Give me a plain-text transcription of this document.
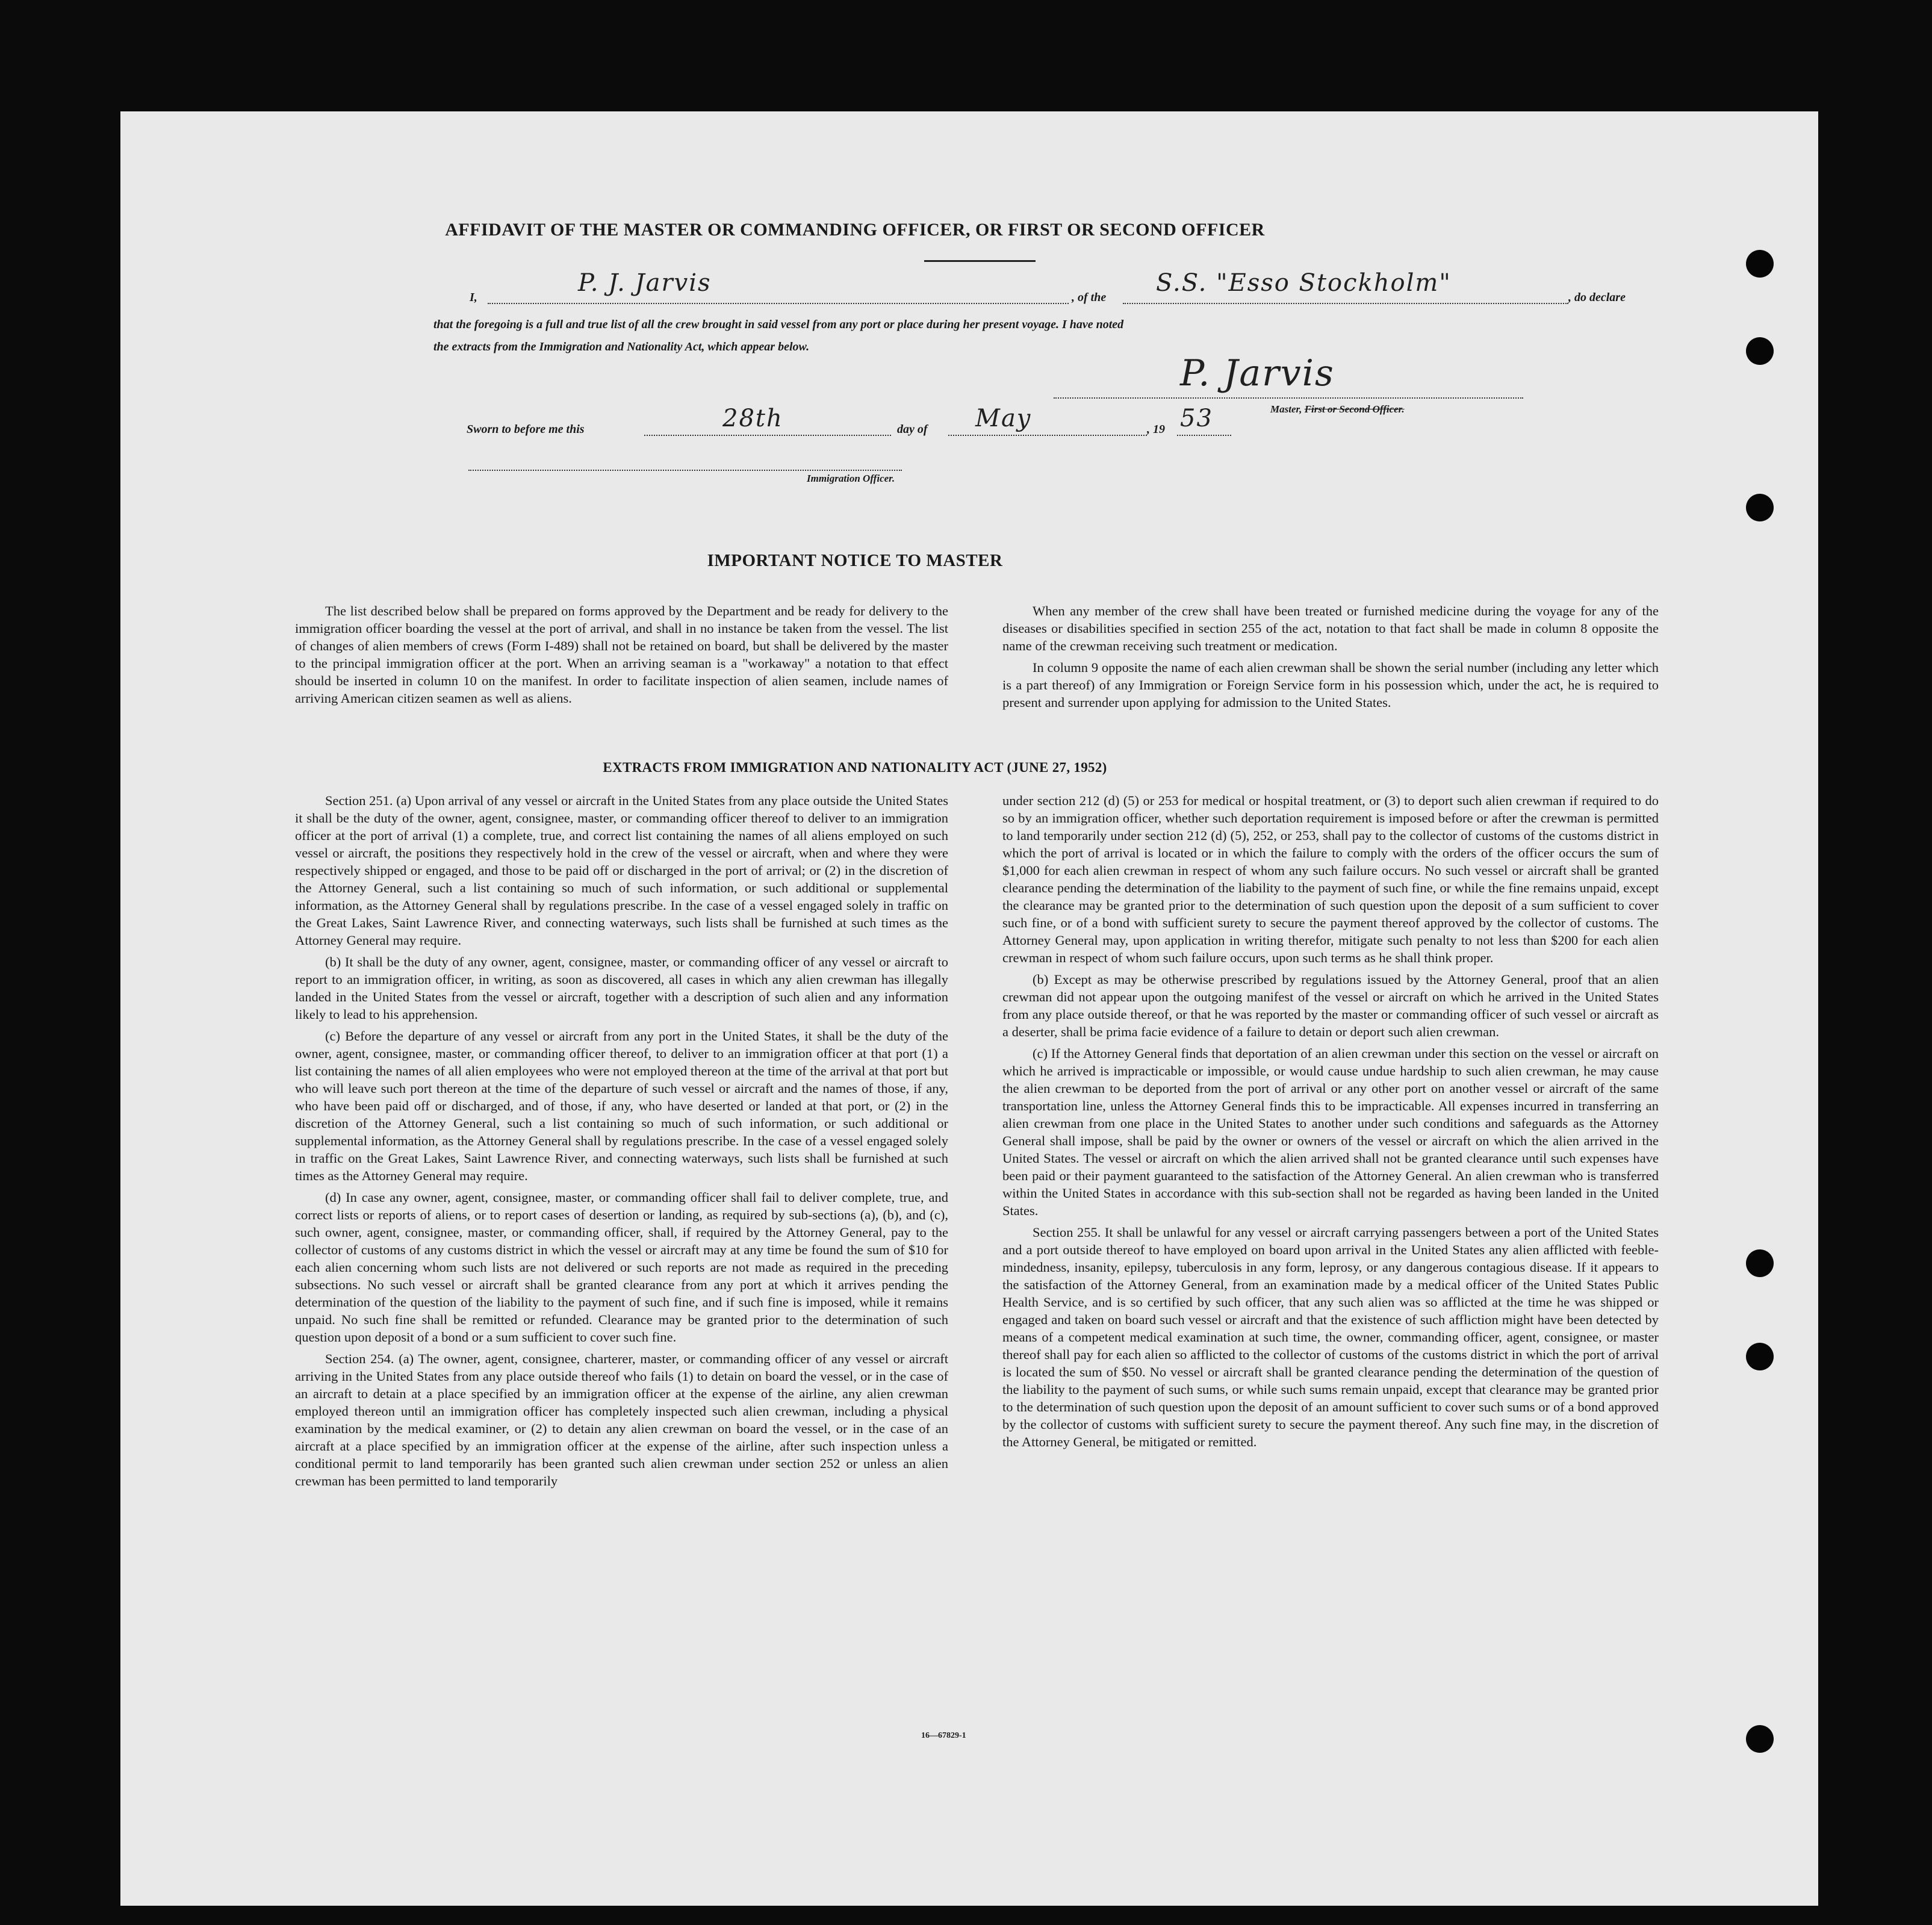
AFFIDAVIT OF THE MASTER OR COMMANDING OFFICER, OR FIRST OR SECOND OFFICER
I,
P. J. Jarvis
, of the
S.S. "Esso Stockholm"
, do declare
that the foregoing is a full and true list of all the crew brought in said vessel from any port or place during her present voyage. I have noted
the extracts from the Immigration and Nationality Act, which appear below.
P. Jarvis
Master, First or Second Officer.
Sworn to before me this	28th	day of May	, 19 53
Immigration Officer.
IMPORTANT NOTICE TO MASTER

The list described below shall be prepared on forms approved by the Department and be ready for delivery to the immigration officer boarding the vessel at the port of arrival, and shall in no instance be taken from the vessel. The list of changes of alien members of crews (Form I-489) shall not be retained on board, but shall be delivered by the master to the principal immigration officer at the port. When an arriving seaman is a "workaway" a notation to that effect should be inserted in column 10 on the manifest. In order to facilitate inspection of alien seamen, include names of arriving American citizen seamen as well as aliens.

When any member of the crew shall have been treated or furnished medicine during the voyage for any of the diseases or disabilities specified in section 255 of the act, notation to that fact shall be made in column 8 opposite the name of the crewman receiving such treatment or medication.

In column 9 opposite the name of each alien crewman shall be shown the serial number (including any letter which is a part thereof) of any Immigration or Foreign Service form in his possession which, under the act, he is required to present and surrender upon applying for admission to the United States.

EXTRACTS FROM IMMIGRATION AND NATIONALITY ACT (JUNE 27, 1952)

Section 251. (a) Upon arrival of any vessel or aircraft in the United States from any place outside the United States it shall be the duty of the owner, agent, consignee, master, or commanding officer thereof to deliver to an immigration officer at the port of arrival (1) a complete, true, and correct list containing the names of all aliens employed on such vessel or aircraft, the positions they respectively hold in the crew of the vessel or aircraft, when and where they were respectively shipped or engaged, and those to be paid off or discharged in the port of arrival; or (2) in the discretion of the Attorney General, such a list containing so much of such information, or such additional or supplemental information, as the Attorney General shall by regulations prescribe. In the case of a vessel engaged solely in traffic on the Great Lakes, Saint Lawrence River, and connecting waterways, such lists shall be furnished at such times as the Attorney General may require.

(b) It shall be the duty of any owner, agent, consignee, master, or commanding officer of any vessel or aircraft to report to an immigration officer, in writing, as soon as discovered, all cases in which any alien crewman has illegally landed in the United States from the vessel or aircraft, together with a description of such alien and any information likely to lead to his apprehension.

(c) Before the departure of any vessel or aircraft from any port in the United States, it shall be the duty of the owner, agent, consignee, master, or commanding officer thereof, to deliver to an immigration officer at that port (1) a list containing the names of all alien employees who were not employed thereon at the time of the arrival at that port but who will leave such port thereon at the time of the departure of such vessel or aircraft and the names of those, if any, who have been paid off or discharged, and of those, if any, who have deserted or landed at that port, or (2) in the discretion of the Attorney General, such a list containing so much of such information, or such additional or supplemental information, as the Attorney General shall by regulations prescribe. In the case of a vessel engaged solely in traffic on the Great Lakes, Saint Lawrence River, and connecting waterways, such lists shall be furnished at such times as the Attorney General may require.

(d) In case any owner, agent, consignee, master, or commanding officer shall fail to deliver complete, true, and correct lists or reports of aliens, or to report cases of desertion or landing, as required by sub-sections (a), (b), and (c), such owner, agent, consignee, master, or commanding officer, shall, if required by the Attorney General, pay to the collector of customs of any customs district in which the vessel or aircraft may at any time be found the sum of $10 for each alien concerning whom such lists are not delivered or such reports are not made as required in the preceding subsections. No such vessel or aircraft shall be granted clearance from any port at which it arrives pending the determination of the question of the liability to the payment of such fine, and if such fine is imposed, while it remains unpaid. No such fine shall be remitted or refunded. Clearance may be granted prior to the determination of such question upon deposit of a bond or a sum sufficient to cover such fine.

Section 254. (a) The owner, agent, consignee, charterer, master, or commanding officer of any vessel or aircraft arriving in the United States from any place outside thereof who fails (1) to detain on board the vessel, or in the case of an aircraft to detain at a place specified by an immigration officer at the expense of the airline, any alien crewman employed thereon until an immigration officer has completely inspected such alien crewman, including a physical examination by the medical examiner, or (2) to detain any alien crewman on board the vessel, or in the case of an aircraft at a place specified by an immigration officer at the expense of the airline, after such inspection unless a conditional permit to land temporarily has been granted such alien crewman under section 252 or unless an alien crewman has been permitted to land temporarily

under section 212 (d) (5) or 253 for medical or hospital treatment, or (3) to deport such alien crewman if required to do so by an immigration officer, whether such deportation requirement is imposed before or after the crewman is permitted to land temporarily under section 212 (d) (5), 252, or 253, shall pay to the collector of customs of the customs district in which the port of arrival is located or in which the failure to comply with the orders of the officer occurs the sum of $1,000 for each alien crewman in respect of whom any such failure occurs. No such vessel or aircraft shall be granted clearance pending the determination of the liability to the payment of such fine, or while the fine remains unpaid, except the clearance may be granted prior to the determination of such question upon the deposit of a sum sufficient to cover such fine, or of a bond with sufficient surety to secure the payment thereof approved by the collector of customs. The Attorney General may, upon application in writing therefor, mitigate such penalty to not less than $200 for each alien crewman in respect of whom such failure occurs, upon such terms as he shall think proper.

(b) Except as may be otherwise prescribed by regulations issued by the Attorney General, proof that an alien crewman did not appear upon the outgoing manifest of the vessel or aircraft on which he arrived in the United States from any place outside thereof, or that he was reported by the master or commanding officer of such vessel or aircraft as a deserter, shall be prima facie evidence of a failure to detain or deport such alien crewman.

(c) If the Attorney General finds that deportation of an alien crewman under this section on the vessel or aircraft on which he arrived is impracticable or impossible, or would cause undue hardship to such alien crewman, he may cause the alien crewman to be deported from the port of arrival or any other port on another vessel or aircraft of the same transportation line, unless the Attorney General finds this to be impracticable. All expenses incurred in transferring an alien crewman from one place in the United States to another under such conditions and safeguards as the Attorney General shall impose, shall be paid by the owner or owners of the vessel or aircraft on which the alien arrived in the United States. The vessel or aircraft on which the alien arrived shall not be granted clearance until such expenses have been paid or their payment guaranteed to the satisfaction of the Attorney General. An alien crewman who is transferred within the United States in accordance with this sub-section shall not be regarded as having been landed in the United States.

Section 255. It shall be unlawful for any vessel or aircraft carrying passengers between a port of the United States and a port outside thereof to have employed on board upon arrival in the United States any alien afflicted with feeble-mindedness, insanity, epilepsy, tuberculosis in any form, leprosy, or any dangerous contagious disease. If it appears to the satisfaction of the Attorney General, from an examination made by a medical officer of the United States Public Health Service, and is so certified by such officer, that any such alien was so afflicted at the time he was shipped or engaged and taken on board such vessel or aircraft and that the existence of such affliction might have been detected by means of a competent medical examination at such time, the owner, commanding officer, agent, consignee, or master thereof shall pay for each alien so afflicted to the collector of customs of the customs district in which the port of arrival is located the sum of $50. No vessel or aircraft shall be granted clearance pending the determination of the question of the liability to the payment of such sums, or while such sums remain unpaid, except that clearance may be granted prior to the determination of such question upon the deposit of an amount sufficient to cover such sums or of a bond approved by the collector of customs with sufficient surety to secure the payment thereof. Any such fine may, in the discretion of the Attorney General, be mitigated or remitted.

16—67829-1
